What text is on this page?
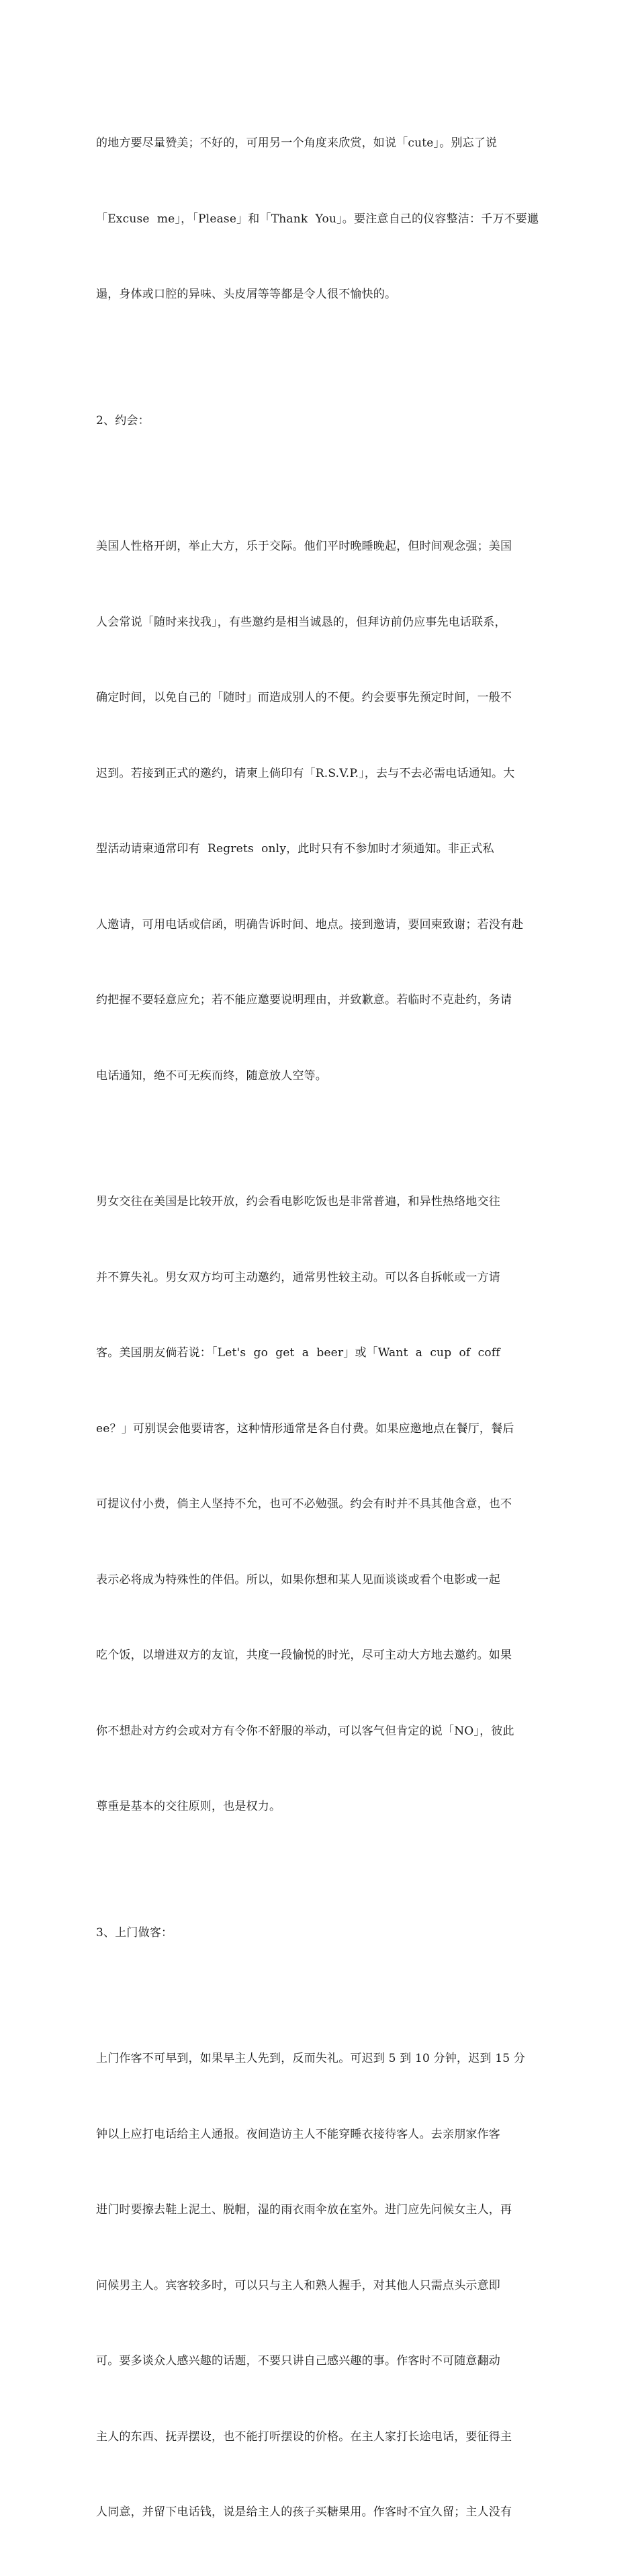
的地方要尽量赞美；不好的，可用另一个角度来欣赏，如说「cute」。别忘了说

「Excuse  me」，「Please」和「Thank  You」。要注意自己的仪容整洁：千万不要邋

遢，身体或口腔的异味、头皮屑等等都是令人很不愉快的。

2、约会：

美国人性格开朗，举止大方，乐于交际。他们平时晚睡晚起，但时间观念强；美国

人会常说「随时来找我」，有些邀约是相当诚恳的，但拜访前仍应事先电话联系，

确定时间，以免自己的「随时」而造成别人的不便。约会要事先预定时间，一般不

迟到。若接到正式的邀约，请柬上倘印有「R.S.V.P.」，去与不去必需电话通知。大

型活动请柬通常印有  Regrets  only，此时只有不参加时才须通知。非正式私

人邀请，可用电话或信函，明确告诉时间、地点。接到邀请，要回柬致谢；若没有赴

约把握不要轻意应允；若不能应邀要说明理由，并致歉意。若临时不克赴约，务请

电话通知，绝不可无疾而终，随意放人空等。

男女交往在美国是比较开放，约会看电影吃饭也是非常普遍，和异性热络地交往

并不算失礼。男女双方均可主动邀约，通常男性较主动。可以各自拆帐或一方请

客。美国朋友倘若说：「Let's  go  get  a  beer」或「Want  a  cup  of  coff

ee？」可别误会他要请客，这种情形通常是各自付费。如果应邀地点在餐厅，餐后

可提议付小费，倘主人坚持不允，也可不必勉强。约会有时并不具其他含意，也不

表示必将成为特殊性的伴侣。所以，如果你想和某人见面谈谈或看个电影或一起

吃个饭，以增进双方的友谊，共度一段愉悦的时光，尽可主动大方地去邀约。如果

你不想赴对方约会或对方有令你不舒服的举动，可以客气但肯定的说「NO」，彼此

尊重是基本的交往原则，也是权力。

3、上门做客：

上门作客不可早到，如果早主人先到，反而失礼。可迟到 5 到 10 分钟，迟到 15 分

钟以上应打电话给主人通报。夜间造访主人不能穿睡衣接待客人。去亲朋家作客

进门时要擦去鞋上泥土、脱帽，湿的雨衣雨伞放在室外。进门应先问候女主人，再

问候男主人。宾客较多时，可以只与主人和熟人握手，对其他人只需点头示意即

可。要多谈众人感兴趣的话题，不要只讲自己感兴趣的事。作客时不可随意翻动

主人的东西、抚弄摆设，也不能打听摆设的价格。在主人家打长途电话，要征得主

人同意，并留下电话钱，说是给主人的孩子买糖果用。作客时不宜久留；主人没有
